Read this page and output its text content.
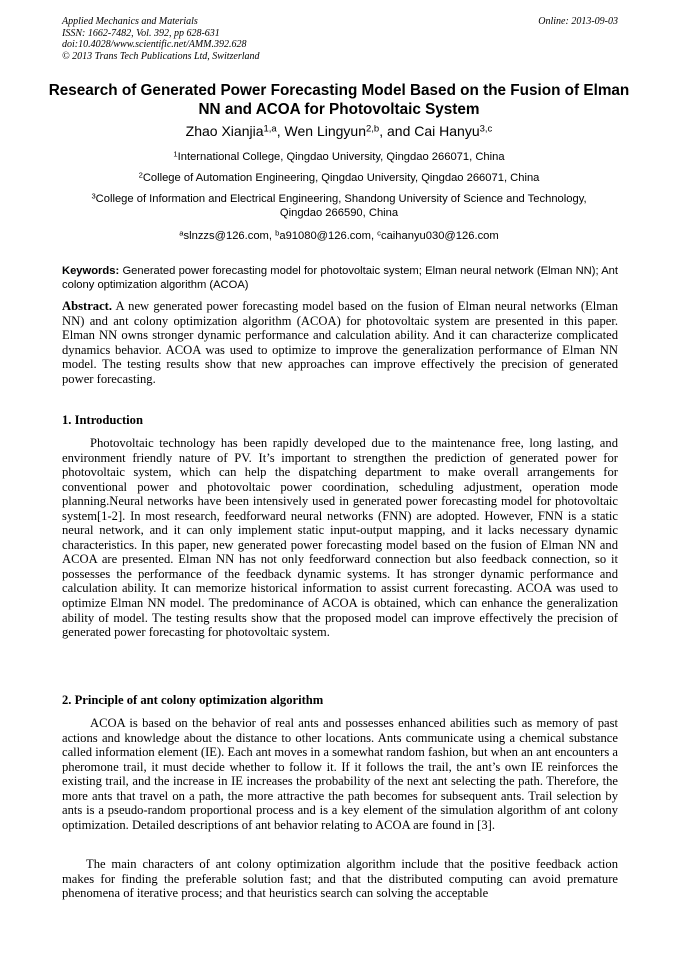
Applied Mechanics and Materials
ISSN: 1662-7482, Vol. 392, pp 628-631
doi:10.4028/www.scientific.net/AMM.392.628
© 2013 Trans Tech Publications Ltd, Switzerland
Online: 2013-09-03
Research of Generated Power Forecasting Model Based on the Fusion of Elman NN and ACOA for Photovoltaic System
Zhao Xianjia$^{1,a}$, Wen Lingyun$^{2,b}$, and Cai Hanyu$^{3,c}$
$^1$International College, Qingdao University, Qingdao 266071, China
$^2$College of Automation Engineering, Qingdao University, Qingdao 266071, China
$^3$College of Information and Electrical Engineering, Shandong University of Science and Technology, Qingdao 266590, China
$^a$slnzzs@126.com, $^b$a91080@126.com, $^c$caihanyu030@126.com
Keywords: Generated power forecasting model for photovoltaic system; Elman neural network (Elman NN); Ant colony optimization algorithm (ACOA)
Abstract. A new generated power forecasting model based on the fusion of Elman neural networks (Elman NN) and ant colony optimization algorithm (ACOA) for photovoltaic system are presented in this paper. Elman NN owns stronger dynamic performance and calculation ability. And it can characterize complicated dynamics behavior. ACOA was used to optimize to improve the generalization performance of Elman NN model. The testing results show that new approaches can improve effectively the precision of generated power forecasting.
1. Introduction
Photovoltaic technology has been rapidly developed due to the maintenance free, long lasting, and environment friendly nature of PV. It’s important to strengthen the prediction of generated power for photovoltaic system, which can help the dispatching department to make overall arrangements for conventional power and photovoltaic power coordination, scheduling adjustment, operation mode planning.Neural networks have been intensively used in generated power forecasting model for photovoltaic system[1-2]. In most research, feedforward neural networks (FNN) are adopted. However, FNN is a static neural network, and it can only implement static input-output mapping, and it lacks necessary dynamic characteristics. In this paper, new generated power forecasting model based on the fusion of Elman NN and ACOA are presented. Elman NN has not only feedforward connection but also feedback connection, so it possesses the performance of the feedback dynamic systems. It has stronger dynamic performance and calculation ability. It can memorize historical information to assist current forecasting. ACOA was used to optimize Elman NN model. The predominance of ACOA is obtained, which can enhance the generalization ability of model. The testing results show that the proposed model can improve effectively the precision of generated power forecasting for photovoltaic system.
2. Principle of ant colony optimization algorithm
ACOA is based on the behavior of real ants and possesses enhanced abilities such as memory of past actions and knowledge about the distance to other locations. Ants communicate using a chemical substance called information element (IE). Each ant moves in a somewhat random fashion, but when an ant encounters a pheromone trail, it must decide whether to follow it. If it follows the trail, the ant’s own IE reinforces the existing trail, and the increase in IE increases the probability of the next ant selecting the path. Therefore, the more ants that travel on a path, the more attractive the path becomes for subsequent ants. Trail selection by ants is a pseudo-random proportional process and is a key element of the simulation algorithm of ant colony optimization. Detailed descriptions of ant behavior relating to ACOA are found in [3].
The main characters of ant colony optimization algorithm include that the positive feedback action makes for finding the preferable solution fast; and that the distributed computing can avoid premature phenomena of iterative process; and that heuristics search can solving the acceptable
